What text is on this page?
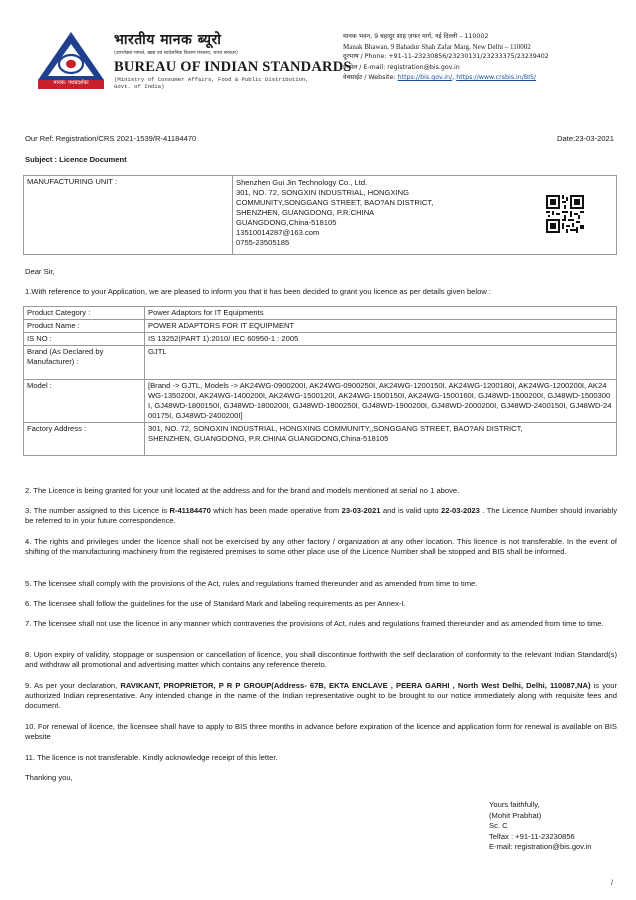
मानक: पथप्रदर्शकः
भारतीय मानक ब्यूरो
(उपभोक्ता मामले, खाद्य एवं सार्वजनिक वितरण मंत्रालय, भारत सरकार)
BUREAU OF INDIAN STANDARDS
(Ministry of Consumer Affairs, Food & Public Distribution,
Govt. of India)
मानक भवन, 9 बहादुर शाह ज़फर मार्ग, नई दिल्ली – 110002
Manak Bhawan, 9 Bahadur Shah Zafar Marg, New Delhi – 110002
दूरभाष / Phone: +91-11-23230856/23230131/23233375/23239402
ई–मेल / E-mail: registration@bis.gov.in
वेबसाईट / Website: https://bis.gov.in/, https://www.crsbis.in/BIS/
Our Ref: Registration/CRS 2021-1539/R-41184470	Date:23-03-2021
Subject : Licence Document
MANUFACTURING UNIT :	Shenzhen Gui Jin Technology Co., Ltd.
301, NO. 72, SONGXIN INDUSTRIAL, HONGXING
COMMUNITY,SONGGANG STREET, BAO?AN DISTRICT,
SHENZHEN, GUANGDONG, P.R.CHINA
GUANGDONG,China-518105
13510014287@163.com
0755-23505185

Dear Sir,
1.With reference to your Application, we are pleased to inform you that it has been decided to grant you licence as per details given below :
Product Category :	Power Adaptors for IT Equipments
Product Name :	POWER ADAPTORS FOR IT EQUIPMENT
IS NO :	IS 13252(PART 1):2010/ IEC 60950-1 : 2005
Brand (As Declared by Manufacturer) :	GJTL
Model :	[Brand -> GJTL, Models -> AK24WG-0900200I, AK24WG-0900250I, AK24WG-1200150I, AK24WG-1200180I, AK24WG-1200200I, AK24WG-1350200I, AK24WG-1400200I, AK24WG-1500120I, AK24WG-1500150I, AK24WG-1500160I, GJ48WD-1500200I, GJ48WD-1500300I, GJ48WD-1800150I, GJ48WD-1800200I, GJ48WD-1800250I, GJ48WD-1900200I, GJ48WD-2000200I, GJ48WD-2400150I, GJ48WD-2400175I, GJ48WD-2400200I]
Factory Address :	301, NO. 72, SONGXIN INDUSTRIAL, HONGXING COMMUNITY,,SONGGANG STREET, BAO?AN DISTRICT, SHENZHEN, GUANGDONG, P.R.CHINA GUANGDONG,China-518105
2. The Licence is being granted for your unit located at the address and for the brand and models mentioned at serial no 1 above.
3. The number assigned to this Licence is R-41184470 which has been made operative from 23-03-2021 and is valid upto 22-03-2023 . The Licence Number should invariably be referred to in your future correspondence.
4. The rights and privileges under the licence shall not be exercised by any other factory / organization at any other location. This licence is not transferable. In the event of shifting of the manufacturing machinery from the registered premises to some other place use of the Licence Number shall be stopped and BIS shall be informed.
5. The licensee shall comply with the provisions of the Act, rules and regulations framed thereunder and as amended from time to time.
6. The licensee shall follow the guidelines for the use of Standard Mark and labeling requirements as per Annex-I.
7. The licensee shall not use the licence in any manner which contravenes the provisions of Act, rules and regulations framed thereunder and as amended from time to time.
8. Upon expiry of validity, stoppage or suspension or cancellation of licence, you shall discontinue forthwith the self declaration of conformity to the relevant Indian Standard(s) and withdraw all promotional and advertising matter which contains any reference thereto.
9. As per your declaration, RAVIKANT, PROPRIETOR, P R P GROUP(Address- 67B, EKTA ENCLAVE , PEERA GARHI , North West Delhi, Delhi, 110087,NA) is your authorized Indian representative. Any intended change in the name of the Indian representative ought to be brought to our notice immediately along with requisite fees and document.
10. For renewal of licence, the licensee shall have to apply to BIS three months in advance before expiration of the licence and application form for renewal is available on BIS website
11. The licence is not transferable. Kindly acknowledge receipt of this letter.
Thanking you,
Yours faithfully,
(Mohit Prabhat)
Sc. C
Telfax : +91-11-23230856
E-mail: registration@bis.gov.in
/
